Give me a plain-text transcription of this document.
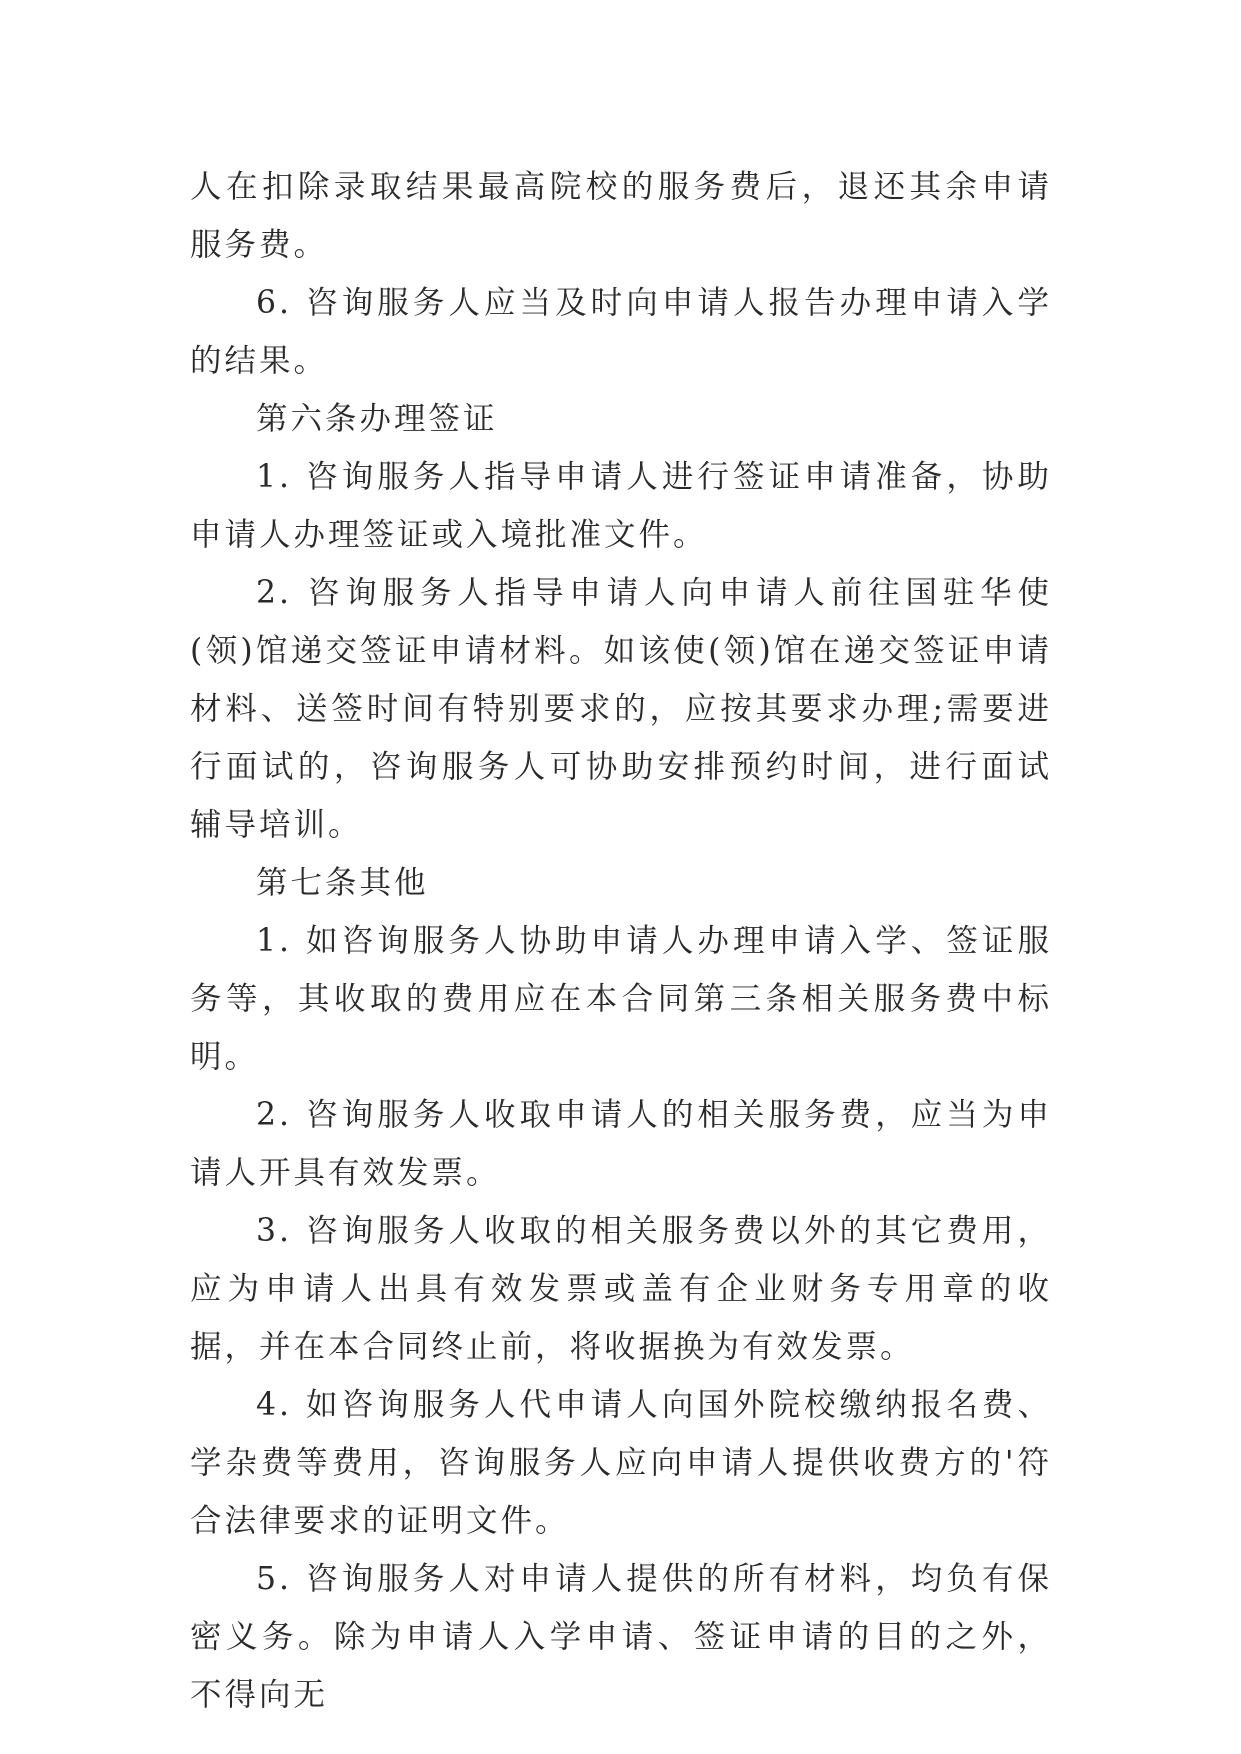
人在扣除录取结果最高院校的服务费后，退还其余申请服务费。

6. 咨询服务人应当及时向申请人报告办理申请入学的结果。

第六条办理签证

1. 咨询服务人指导申请人进行签证申请准备，协助申请人办理签证或入境批准文件。

2. 咨询服务人指导申请人向申请人前往国驻华使(领)馆递交签证申请材料。如该使(领)馆在递交签证申请材料、送签时间有特别要求的，应按其要求办理;需要进行面试的，咨询服务人可协助安排预约时间，进行面试辅导培训。

第七条其他

1. 如咨询服务人协助申请人办理申请入学、签证服务等，其收取的费用应在本合同第三条相关服务费中标明。

2. 咨询服务人收取申请人的相关服务费，应当为申请人开具有效发票。

3. 咨询服务人收取的相关服务费以外的其它费用，应为申请人出具有效发票或盖有企业财务专用章的收据，并在本合同终止前，将收据换为有效发票。

4. 如咨询服务人代申请人向国外院校缴纳报名费、学杂费等费用，咨询服务人应向申请人提供收费方的'符合法律要求的证明文件。

5. 咨询服务人对申请人提供的所有材料，均负有保密义务。除为申请人入学申请、签证申请的目的之外，不得向无
